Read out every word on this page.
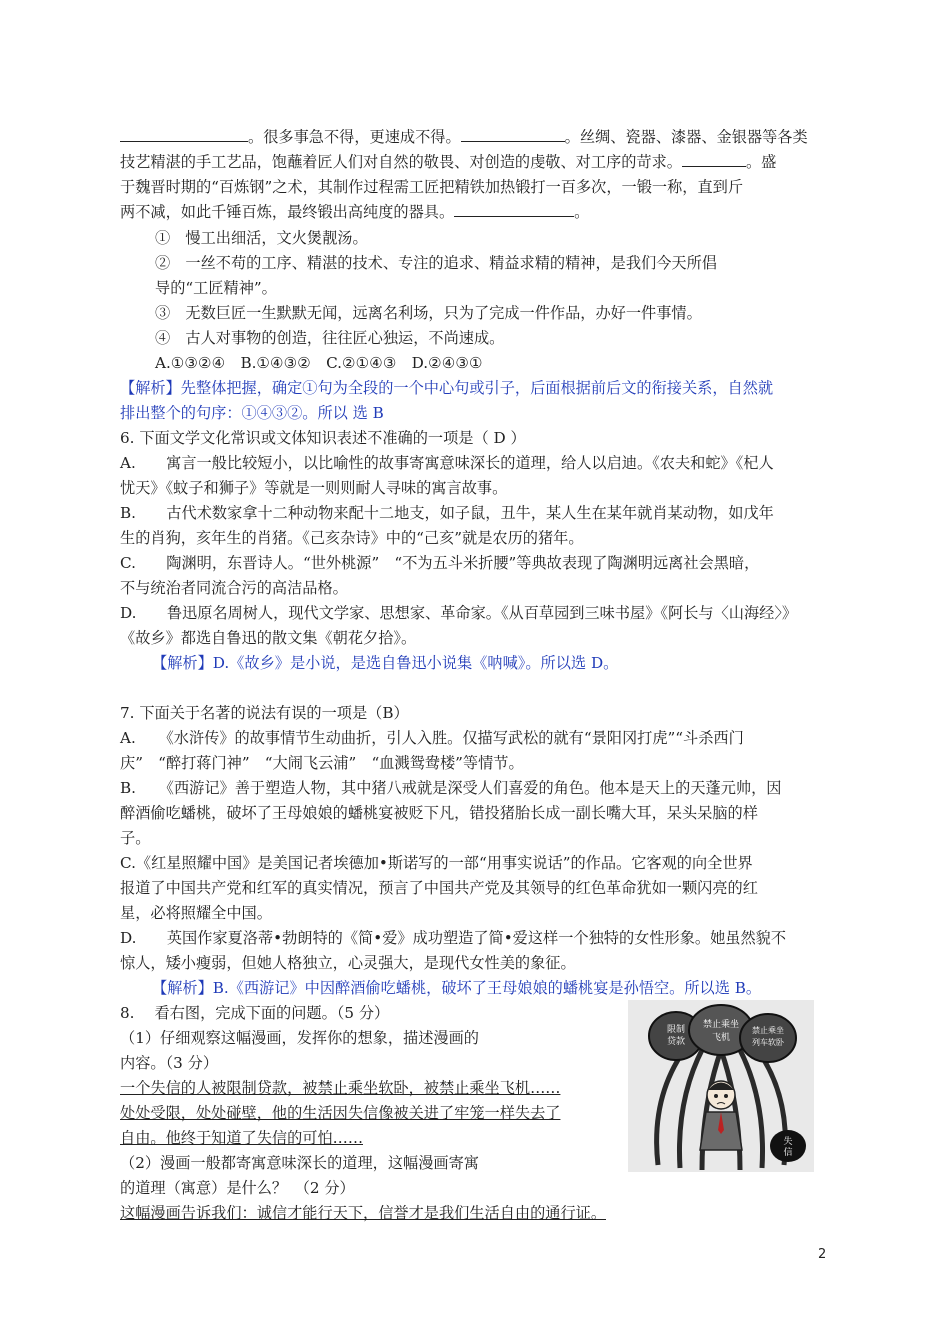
。很多事急不得，更速成不得。	。丝绸、瓷器、漆器、金银器等各类
技艺精湛的手工艺品，饱蘸着匠人们对自然的敬畏、对创造的虔敬、对工序的苛求。	。盛
于魏晋时期的“百炼钢”之术，其制作过程需工匠把精铁加热锻打一百多次，一锻一称，直到斤
两不减，如此千锤百炼，最终锻出高纯度的器具。	。
①　慢工出细活，文火煲靓汤。
②　一丝不苟的工序、精湛的技术、专注的追求、精益求精的精神，是我们今天所倡
导的“工匠精神”。
③　无数巨匠一生默默无闻，远离名利场，只为了完成一件作品，办好一件事情。
④　古人对事物的创造，往往匠心独运，不尚速成。
A.①③②④　B.①④③②　C.②①④③　D.②④③①
【解析】先整体把握，确定①句为全段的一个中心句或引子，后面根据前后文的衔接关系，自然就
排出整个的句序：①④③②。所以 选 B
6. 下面文学文化常识或文体知识表述不准确的一项是（ D ）
A.　　寓言一般比较短小，以比喻性的故事寄寓意味深长的道理，给人以启迪。《农夫和蛇》《杞人
忧天》《蚊子和狮子》等就是一则则耐人寻味的寓言故事。
B.　　古代术数家拿十二种动物来配十二地支，如子鼠，丑牛，某人生在某年就肖某动物，如戊年
生的肖狗，亥年生的肖猪。《己亥杂诗》中的“己亥”就是农历的猪年。
C.　　陶渊明，东晋诗人。“世外桃源”　“不为五斗米折腰”等典故表现了陶渊明远离社会黑暗，
不与统治者同流合污的高洁品格。
D.　　鲁迅原名周树人，现代文学家、思想家、革命家。《从百草园到三味书屋》《阿长与〈山海经〉》
《故乡》都选自鲁迅的散文集《朝花夕拾》。
【解析】D.《故乡》是小说，是选自鲁迅小说集《呐喊》。所以选 D。
7. 下面关于名著的说法有误的一项是（B）
A.　　《水浒传》的故事情节生动曲折，引人入胜。仅描写武松的就有“景阳冈打虎”“斗杀西门
庆”　“醉打蒋门神”　“大闹飞云浦”　“血溅鸳鸯楼”等情节。
B.　　《西游记》善于塑造人物，其中猪八戒就是深受人们喜爱的角色。他本是天上的天蓬元帅，因
醉酒偷吃蟠桃，破坏了王母娘娘的蟠桃宴被贬下凡，错投猪胎长成一副长嘴大耳，呆头呆脑的样
子。
C.《红星照耀中国》是美国记者埃德加•斯诺写的一部“用事实说话”的作品。它客观的向全世界
报道了中国共产党和红军的真实情况，预言了中国共产党及其领导的红色革命犹如一颗闪亮的红
星，必将照耀全中国。
D.　　英国作家夏洛蒂•勃朗特的《简•爱》成功塑造了简•爱这样一个独特的女性形象。她虽然貌不
惊人，矮小瘦弱，但她人格独立，心灵强大，是现代女性美的象征。
【解析】B.《西游记》中因醉酒偷吃蟠桃，破坏了王母娘娘的蟠桃宴是孙悟空。所以选 B。
8.　 看右图，完成下面的问题。（5 分）
（1）仔细观察这幅漫画，发挥你的想象，描述漫画的
内容。（3 分）
一个失信的人被限制贷款，被禁止乘坐软卧，被禁止乘坐飞机……
处处受限，处处碰壁，他的生活因失信像被关进了牢笼一样失去了
自由。他终于知道了失信的可怕……
（2）漫画一般都寄寓意味深长的道理，这幅漫画寄寓
的道理（寓意）是什么？　（2 分）
这幅漫画告诉我们：诚信才能行天下，信誉才是我们生活自由的通行证。
限制
贷款
禁止乘坐
飞机
禁止乘坐
列车软卧
失
信
2
